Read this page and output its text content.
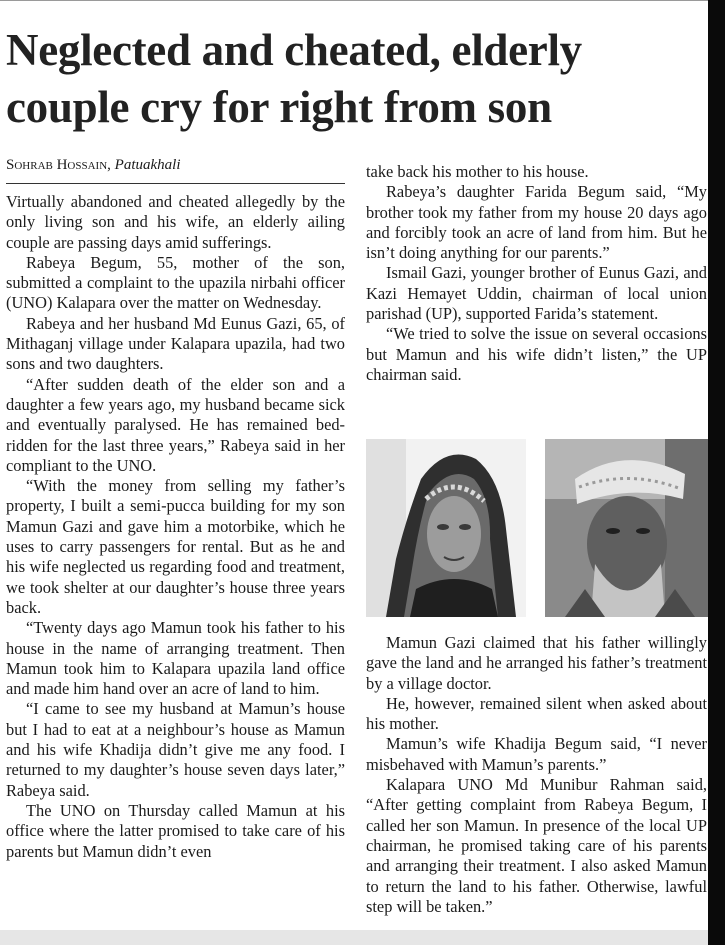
Neglected and cheated, elderly couple cry for right from son
Sohrab Hossain, Patuakhali

Virtually abandoned and cheated allegedly by the only living son and his wife, an elderly ailing couple are passing days amid sufferings.

Rabeya Begum, 55, mother of the son, submitted a complaint to the upazila nirbahi officer (UNO) Kalapara over the matter on Wednesday.

Rabeya and her husband Md Eunus Gazi, 65, of Mithaganj village under Kalapara upazila, had two sons and two daughters.

“After sudden death of the elder son and a daughter a few years ago, my husband became sick and eventually paralysed. He has remained bed-ridden for the last three years,” Rabeya said in her compliant to the UNO.

“With the money from selling my father’s property, I built a semi-pucca building for my son Mamun Gazi and gave him a motorbike, which he uses to carry passengers for rental. But as he and his wife neglected us regarding food and treatment, we took shelter at our daughter’s house three years back.

“Twenty days ago Mamun took his father to his house in the name of arranging treatment. Then Mamun took him to Kalapara upazila land office and made him hand over an acre of land to him.

“I came to see my husband at Mamun’s house but I had to eat at a neighbour’s house as Mamun and his wife Khadija didn’t give me any food. I returned to my daughter’s house seven days later,” Rabeya said.

The UNO on Thursday called Mamun at his office where the latter promised to take care of his parents but Mamun didn’t even

take back his mother to his house.

Rabeya’s daughter Farida Begum said, “My brother took my father from my house 20 days ago and forcibly took an acre of land from him. But he isn’t doing anything for our parents.”

Ismail Gazi, younger brother of Eunus Gazi, and Kazi Hemayet Uddin, chairman of local union parishad (UP), supported Farida’s statement.

“We tried to solve the issue on several occasions but Mamun and his wife didn’t listen,” the UP chairman said.

Mamun Gazi claimed that his father willingly gave the land and he arranged his father’s treatment by a village doctor.

He, however, remained silent when asked about his mother.

Mamun’s wife Khadija Begum said, “I never misbehaved with Mamun’s parents.”

Kalapara UNO Md Munibur Rahman said, “After getting complaint from Rabeya Begum, I called her son Mamun. In presence of the local UP chairman, he promised taking care of his parents and arranging their treatment. I also asked Mamun to return the land to his father. Otherwise, lawful step will be taken.”
